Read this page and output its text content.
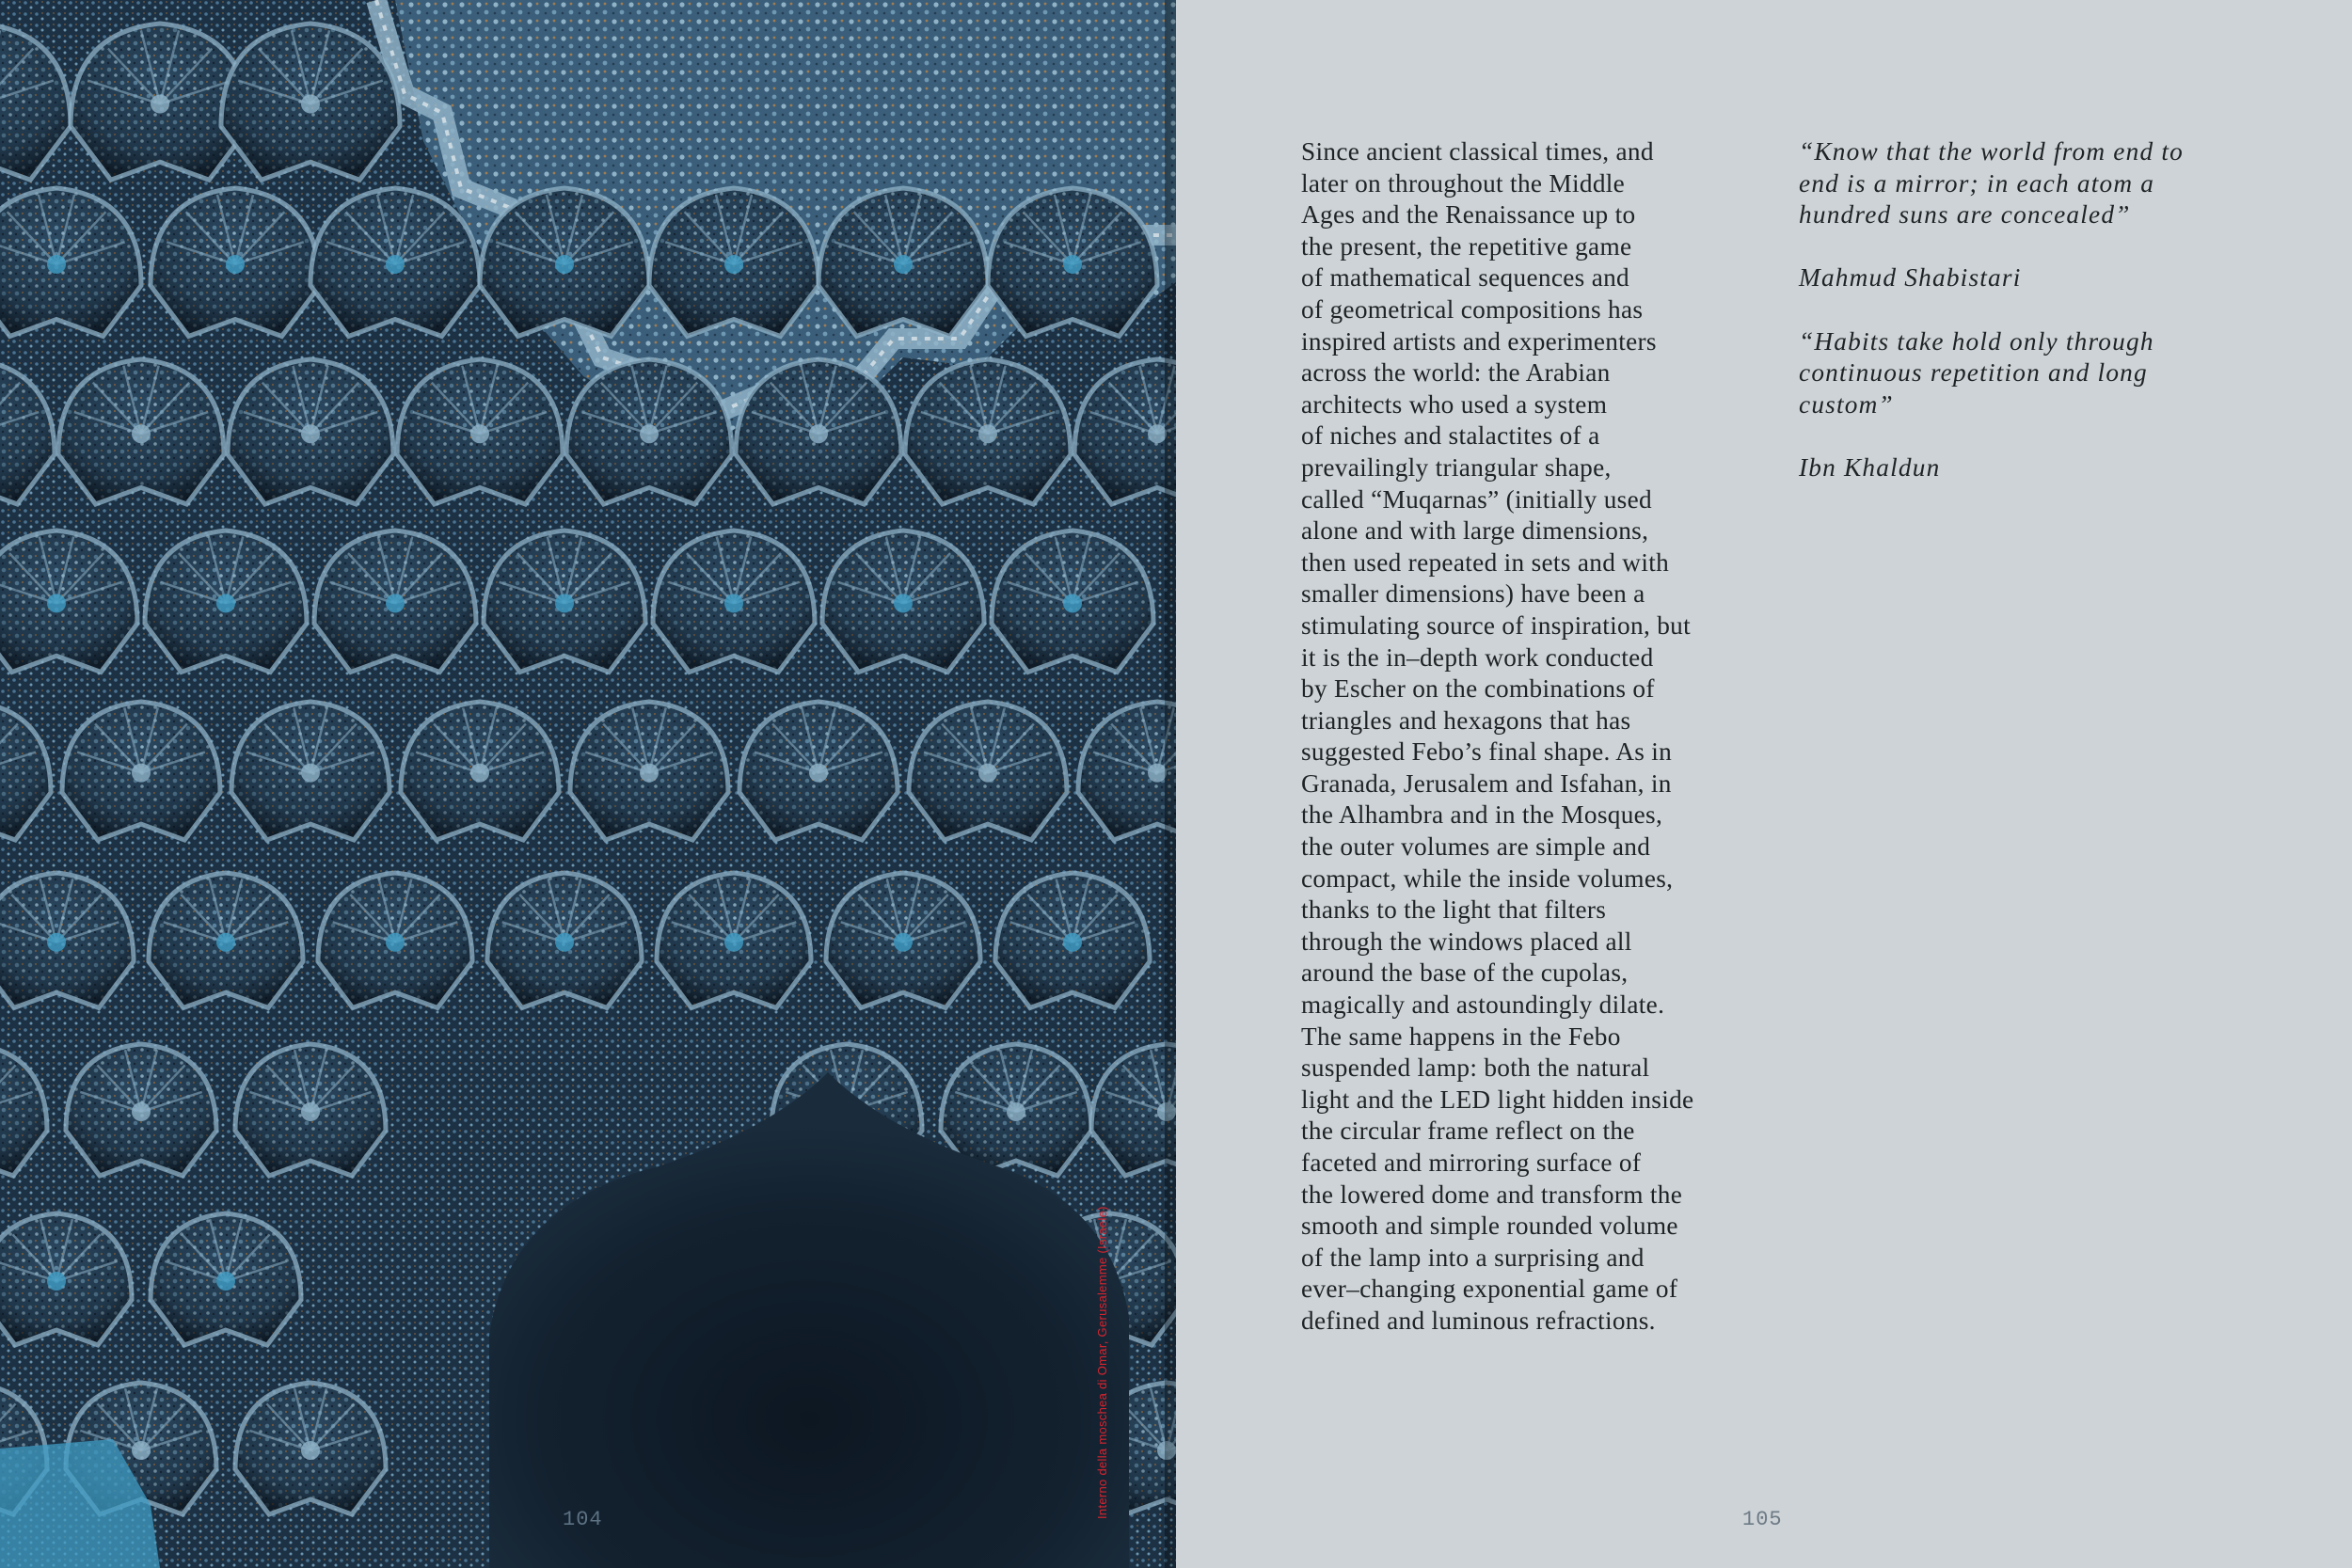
Interno della moschea di Omar, Gerusalemme (Israele)
104
Since ancient classical times, and
later on throughout the Middle
Ages and the Renaissance up to
the present, the repetitive game
of mathematical sequences and
of geometrical compositions has
inspired artists and experimenters
across the world: the Arabian
architects who used a system
of niches and stalactites of a
prevailingly triangular shape,
called “Muqarnas” (initially used
alone and with large dimensions,
then used repeated in sets and with
smaller dimensions) have been a
stimulating source of inspiration, but
it is the in–depth work conducted
by Escher on the combinations of
triangles and hexagons that has
suggested Febo’s final shape. As in
Granada, Jerusalem and Isfahan, in
the Alhambra and in the Mosques,
the outer volumes are simple and
compact, while the inside volumes,
thanks to the light that filters
through the windows placed all
around the base of the cupolas,
magically and astoundingly dilate.
The same happens in the Febo
suspended lamp: both the natural
light and the LED light hidden inside
the circular frame reflect on the
faceted and mirroring surface of
the lowered dome and transform the
smooth and simple rounded volume
of the lamp into a surprising and
ever–changing exponential game of
defined and luminous refractions.
“Know that the world from end to
end is a mirror; in each atom a
hundred suns are concealed”
Mahmud Shabistari
“Habits take hold only through
continuous repetition and long
custom”
Ibn Khaldun
105
